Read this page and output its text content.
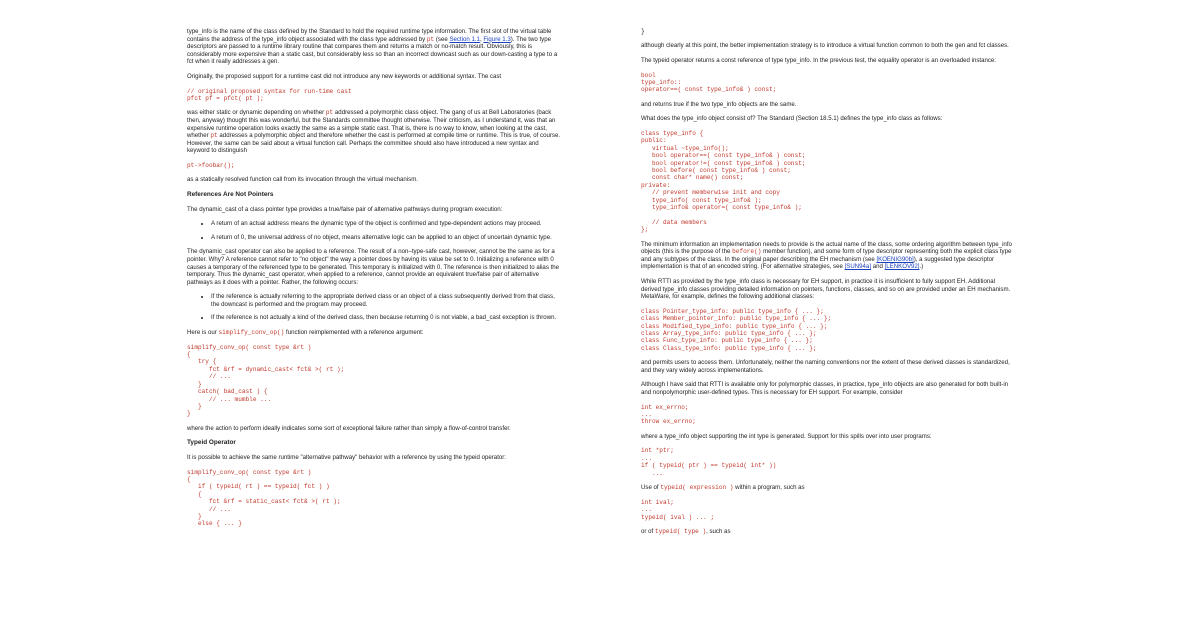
type_info is the name of the class defined by the Standard to hold the required runtime type information. The first slot of the virtual table contains the address of the type_info object associated with the class type addressed by pt (see Section 1.1, Figure 1.3). The two type descriptors are passed to a runtime library routine that compares them and returns a match or no-match result. Obviously, this is considerably more expensive than a static cast, but considerably less so than an incorrect downcast such as our down-casting a type to a fct when it really addresses a gen.

Originally, the proposed support for a runtime cast did not introduce any new keywords or additional syntax. The cast

// original proposed syntax for run-time cast
pfct pf = pfct( pt );

was either static or dynamic depending on whether pt addressed a polymorphic class object. The gang of us at Bell Laboratories (back then, anyway) thought this was wonderful, but the Standards committee thought otherwise. Their criticism, as I understand it, was that an expensive runtime operation looks exactly the same as a simple static cast. That is, there is no way to know, when looking at the cast, whether pt addresses a polymorphic object and therefore whether the cast is performed at compile time or runtime. This is true, of course. However, the same can be said about a virtual function call. Perhaps the committee should also have introduced a new syntax and keyword to distinguish

pt->foobar();

as a statically resolved function call from its invocation through the virtual mechanism.

References Are Not Pointers

The dynamic_cast of a class pointer type provides a true/false pair of alternative pathways during program execution:

• A return of an actual address means the dynamic type of the object is confirmed and type-dependent actions may proceed.
• A return of 0, the universal address of no object, means alternative logic can be applied to an object of uncertain dynamic type.

The dynamic_cast operator can also be applied to a reference. The result of a non–type-safe cast, however, cannot be the same as for a pointer. Why? A reference cannot refer to "no object" the way a pointer does by having its value be set to 0. Initializing a reference with 0 causes a temporary of the referenced type to be generated. This temporary is initialized with 0. The reference is then initialized to alias the temporary. Thus the dynamic_cast operator, when applied to a reference, cannot provide an equivalent true/false pair of alternative pathways as it does with a pointer. Rather, the following occurs:

• If the reference is actually referring to the appropriate derived class or an object of a class subsequently derived from that class, the downcast is performed and the program may proceed.
• If the reference is not actually a kind of the derived class, then because returning 0 is not viable, a bad_cast exception is thrown.

Here is our simplify_conv_op() function reimplemented with a reference argument:

simplify_conv_op( const type &rt )
{
try {
fct &rf = dynamic_cast< fct& >( rt );
// ...
}
catch( bad_cast ) {
// ... mumble ...
}
}

where the action to perform ideally indicates some sort of exceptional failure rather than simply a flow-of-control transfer.

Typeid Operator

It is possible to achieve the same runtime "alternative pathway" behavior with a reference by using the typeid operator:

simplify_conv_op( const type &rt )
{
if ( typeid( rt ) == typeid( fct ) )
{
fct &rf = static_cast< fct& >( rt );
// ...
}
else { ... }
}

although clearly at this point, the better implementation strategy is to introduce a virtual function common to both the gen and fct classes.

The typeid operator returns a const reference of type type_info. In the previous test, the equality operator is an overloaded instance:

bool
type_info::
operator==( const type_info& ) const;

and returns true if the two type_info objects are the same.

What does the type_info object consist of? The Standard (Section 18.5.1) defines the type_info class as follows:

class type_info {
public:
virtual ~type_info();
bool operator==( const type_info& ) const;
bool operator!=( const type_info& ) const;
bool before( const type_info& ) const;
const char* name() const;
private:
// prevent memberwise init and copy
type_info( const type_info& );
type_info& operator=( const type_info& );

// data members
};

The minimum information an implementation needs to provide is the actual name of the class, some ordering algorithm between type_info objects (this is the purpose of the before() member function), and some form of type descriptor representing both the explicit class type and any subtypes of the class. In the original paper describing the EH mechanism (see [KOENIG90b]), a suggested type descriptor implementation is that of an encoded string. (For alternative strategies, see [SUN94a] and [LENKOV92].)

While RTTI as provided by the type_info class is necessary for EH support, in practice it is insufficient to fully support EH. Additional derived type_info classes providing detailed information on pointers, functions, classes, and so on are provided under an EH mechanism. MetaWare, for example, defines the following additional classes:

class Pointer_type_info: public type_info { ... };
class Member_pointer_info: public type_info { ... };
class Modified_type_info: public type_info { ... };
class Array_type_info: public type_info { ... };
class Func_type_info: public type_info { ... };
class Class_type_info: public type_info { ... };

and permits users to access them. Unfortunately, neither the naming conventions nor the extent of these derived classes is standardized, and they vary widely across implementations.

Although I have said that RTTI is available only for polymorphic classes, in practice, type_info objects are also generated for both built-in and nonpolymorphic user-defined types. This is necessary for EH support. For example, consider

int ex_errno;
...
throw ex_errno;

where a type_info object supporting the int type is generated. Support for this spills over into user programs:

int *ptr;
...
if ( typeid( ptr ) == typeid( int* ))
...

Use of typeid( expression ) within a program, such as

int ival;
...
typeid( ival ) ... ;

or of typeid( type ), such as
